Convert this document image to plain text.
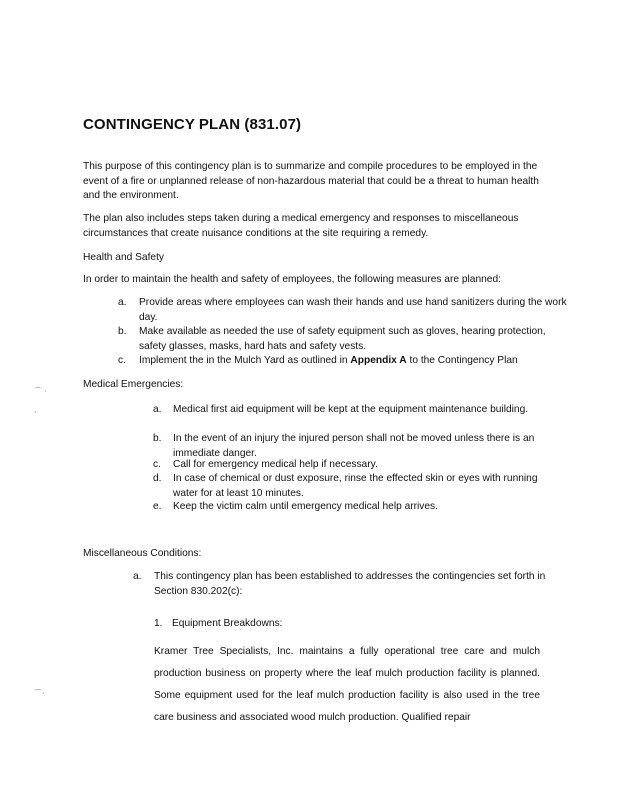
⌒ ·
·
⌒·
CONTINGENCY PLAN (831.07)
This purpose of this contingency plan is to summarize and compile procedures to be employed in the event of a fire or unplanned release of non-hazardous material that could be a threat to human health and the environment.
The plan also includes steps taken during a medical emergency and responses to miscellaneous circumstances that create nuisance conditions at the site requiring a remedy.
Health and Safety
In order to maintain the health and safety of employees, the following measures are planned:
a. Provide areas where employees can wash their hands and use hand sanitizers during the work day.
b. Make available as needed the use of safety equipment such as gloves, hearing protection, safety glasses, masks, hard hats and safety vests.
c. Implement the in the Mulch Yard as outlined in Appendix A to the Contingency Plan
Medical Emergencies:
a. Medical first aid equipment will be kept at the equipment maintenance building.
b. In the event of an injury the injured person shall not be moved unless there is an immediate danger.
c. Call for emergency medical help if necessary.
d. In case of chemical or dust exposure, rinse the effected skin or eyes with running water for at least 10 minutes.
e. Keep the victim calm until emergency medical help arrives.
Miscellaneous Conditions:
a. This contingency plan has been established to addresses the contingencies set forth in Section 830.202(c):
1. Equipment Breakdowns:
Kramer Tree Specialists, Inc. maintains a fully operational tree care and mulch production business on property where the leaf mulch production facility is planned. Some equipment used for the leaf mulch production facility is also used in the tree care business and associated wood mulch production. Qualified repair
